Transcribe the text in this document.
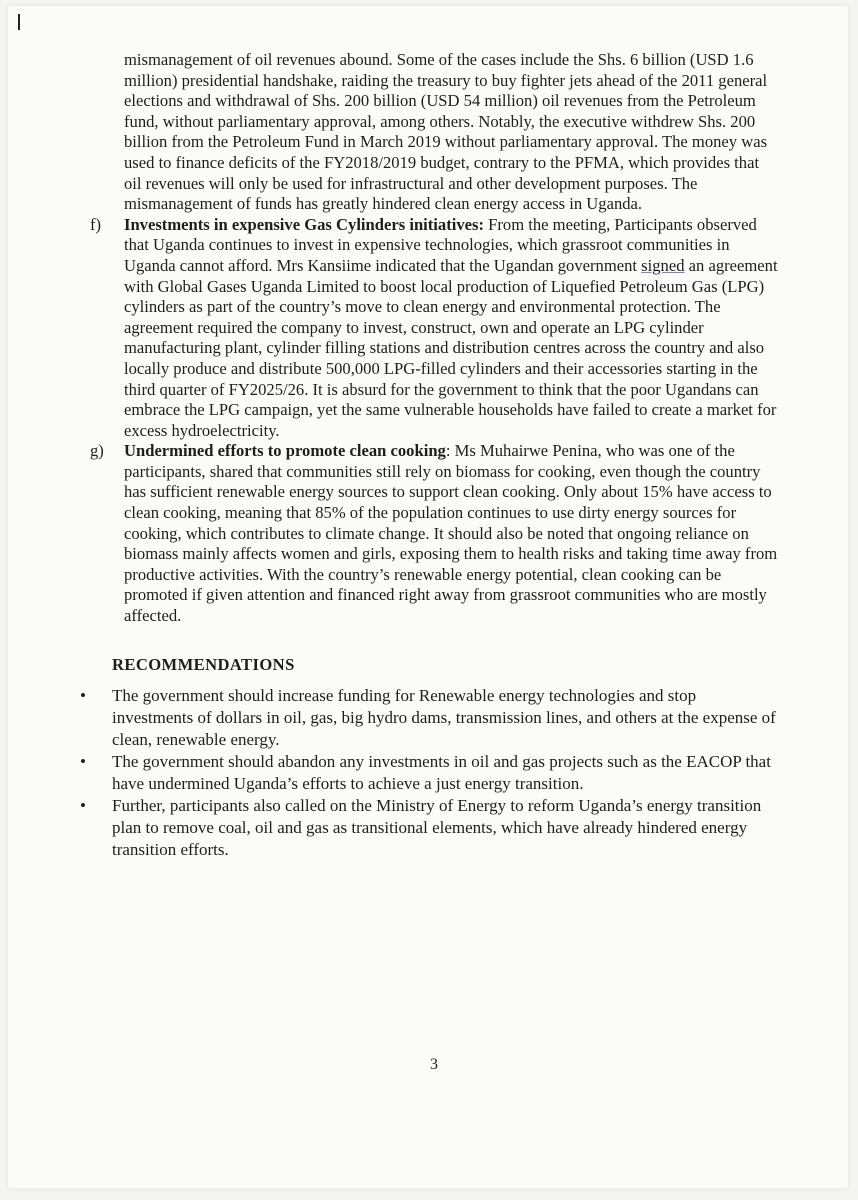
mismanagement of oil revenues abound. Some of the cases include the Shs. 6 billion (USD 1.6 million) presidential handshake, raiding the treasury to buy fighter jets ahead of the 2011 general elections and withdrawal of Shs. 200 billion (USD 54 million) oil revenues from the Petroleum fund, without parliamentary approval, among others. Notably, the executive withdrew Shs. 200 billion from the Petroleum Fund in March 2019 without parliamentary approval. The money was used to finance deficits of the FY2018/2019 budget, contrary to the PFMA, which provides that oil revenues will only be used for infrastructural and other development purposes. The mismanagement of funds has greatly hindered clean energy access in Uganda.

f) Investments in expensive Gas Cylinders initiatives: From the meeting, Participants observed that Uganda continues to invest in expensive technologies, which grassroot communities in Uganda cannot afford. Mrs Kansiime indicated that the Ugandan government signed an agreement with Global Gases Uganda Limited to boost local production of Liquefied Petroleum Gas (LPG) cylinders as part of the country’s move to clean energy and environmental protection. The agreement required the company to invest, construct, own and operate an LPG cylinder manufacturing plant, cylinder filling stations and distribution centres across the country and also locally produce and distribute 500,000 LPG-filled cylinders and their accessories starting in the third quarter of FY2025/26. It is absurd for the government to think that the poor Ugandans can embrace the LPG campaign, yet the same vulnerable households have failed to create a market for excess hydroelectricity.
g) Undermined efforts to promote clean cooking: Ms Muhairwe Penina, who was one of the participants, shared that communities still rely on biomass for cooking, even though the country has sufficient renewable energy sources to support clean cooking. Only about 15% have access to clean cooking, meaning that 85% of the population continues to use dirty energy sources for cooking, which contributes to climate change. It should also be noted that ongoing reliance on biomass mainly affects women and girls, exposing them to health risks and taking time away from productive activities. With the country’s renewable energy potential, clean cooking can be promoted if given attention and financed right away from grassroot communities who are mostly affected.
RECOMMENDATIONS
• The government should increase funding for Renewable energy technologies and stop investments of dollars in oil, gas, big hydro dams, transmission lines, and others at the expense of clean, renewable energy.
• The government should abandon any investments in oil and gas projects such as the EACOP that have undermined Uganda’s efforts to achieve a just energy transition.
• Further, participants also called on the Ministry of Energy to reform Uganda’s energy transition plan to remove coal, oil and gas as transitional elements, which have already hindered energy transition efforts.
3
